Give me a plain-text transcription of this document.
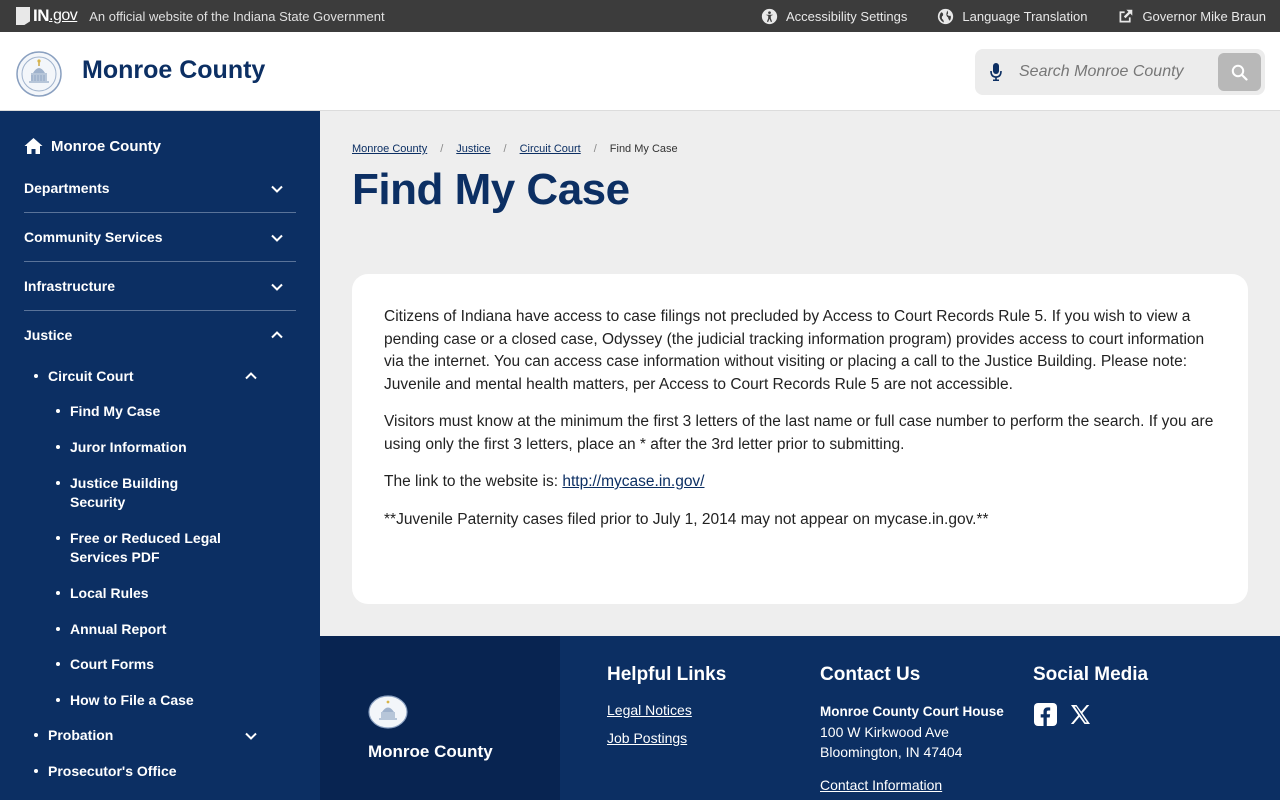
IN .gov An official website of the Indiana State Government	Accessibility Settings	Language Translation	Governor Mike Braun
Monroe County
Search Monroe County
Monroe County
Departments
Community Services
Infrastructure
Justice
Circuit Court
Find My Case
Juror Information
Justice Building Security
Free or Reduced Legal Services PDF
Local Rules
Annual Report
Court Forms
How to File a Case
Probation
Prosecutor's Office
Monroe County / Justice / Circuit Court / Find My Case
Find My Case

Citizens of Indiana have access to case filings not precluded by Access to Court Records Rule 5. If you wish to view a pending case or a closed case, Odyssey (the judicial tracking information program) provides access to court information via the internet. You can access case information without visiting or placing a call to the Justice Building. Please note: Juvenile and mental health matters, per Access to Court Records Rule 5 are not accessible.

Visitors must know at the minimum the first 3 letters of the last name or full case number to perform the search. If you are using only the first 3 letters, place an * after the 3rd letter prior to submitting.

The link to the website is: http://mycase.in.gov/

**Juvenile Paternity cases filed prior to July 1, 2014 may not appear on mycase.in.gov.**

Monroe County
Helpful Links
Legal Notices
Job Postings
Contact Us
Monroe County Court House
100 W Kirkwood Ave
Bloomington, IN 47404
Contact Information
Social Media
